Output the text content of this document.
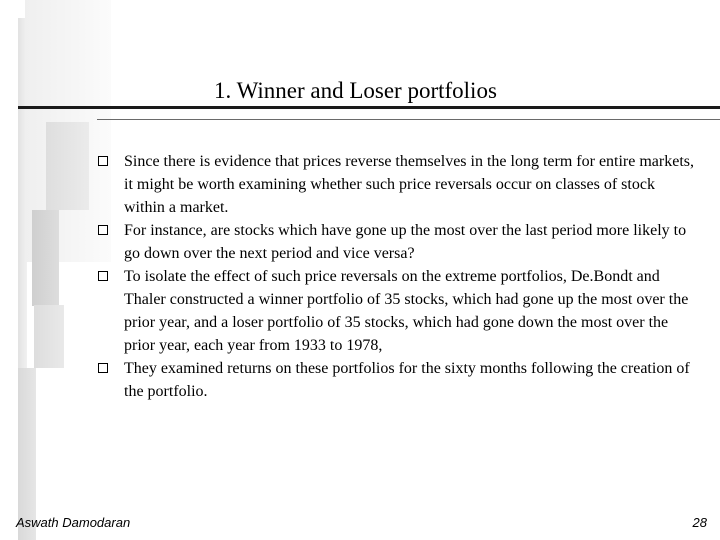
1. Winner and Loser portfolios
Since there is evidence that prices reverse themselves in the long term for entire markets, it might be worth examining whether such price reversals occur on classes of stock within a market.
For instance, are stocks which have gone up the most over the last period more likely to go down over the next period and vice versa?
To isolate the effect of such price reversals on the extreme portfolios, De.Bondt and Thaler constructed a winner portfolio of 35 stocks, which had gone up the most over the prior year, and a loser portfolio of 35 stocks, which had gone down the most over the prior year, each year from 1933 to 1978,
They examined returns on these portfolios for the sixty months following the creation of the portfolio.
Aswath Damodaran	28
